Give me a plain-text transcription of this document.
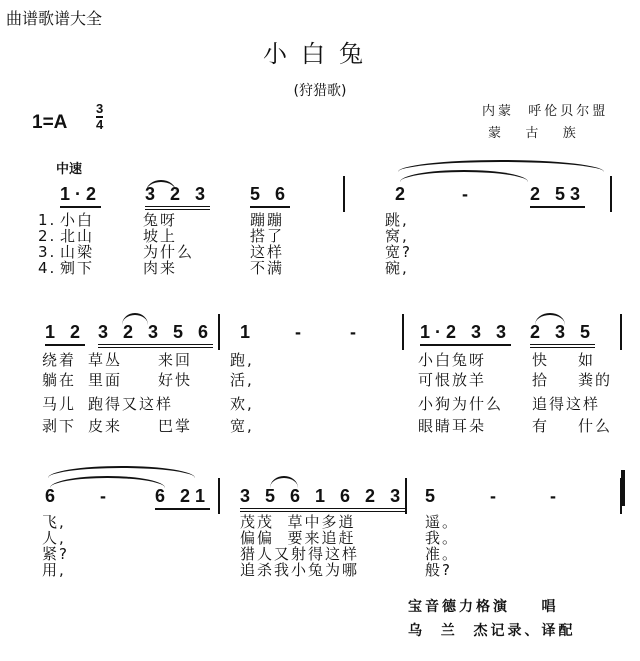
曲谱歌谱大全
小白兔
(狩猎歌)
内蒙  呼伦贝尔盟
蒙   古   族
$1=A \frac{3}{4}$
中速
宝音德力格演    唱
乌  兰  杰记录、译配
1·2 3 2 3 5 6	2	-	2 53
1. 小白	兔呀	蹦蹦	跳,
2. 北山	坡上	搭了	窝,
3. 山梁	为什么	这样	宽?
4. 剜下	肉来	不满	碗,
1 2 3 2 3 5 6 1 - -	1·2 3 3 2 3 5
绕着 草丛 来回	跑,	小白兔呀	快 如
躺在 里面 好快	活,	可恨放羊	拾 粪的
马儿 跑得又这样	欢,	小狗为什么 追得这样
剥下 皮来 巴掌	宽,	眼睛耳朵	有 什么
6 - 6 21 3 5 6 1 6 2 3 5	-	-
飞,	茂茂  草中多逍	遥。
人,	偏偏  要来追赶	我。
紧?	猎人又射得这样	准。
用,	追杀我小兔为哪	般?
